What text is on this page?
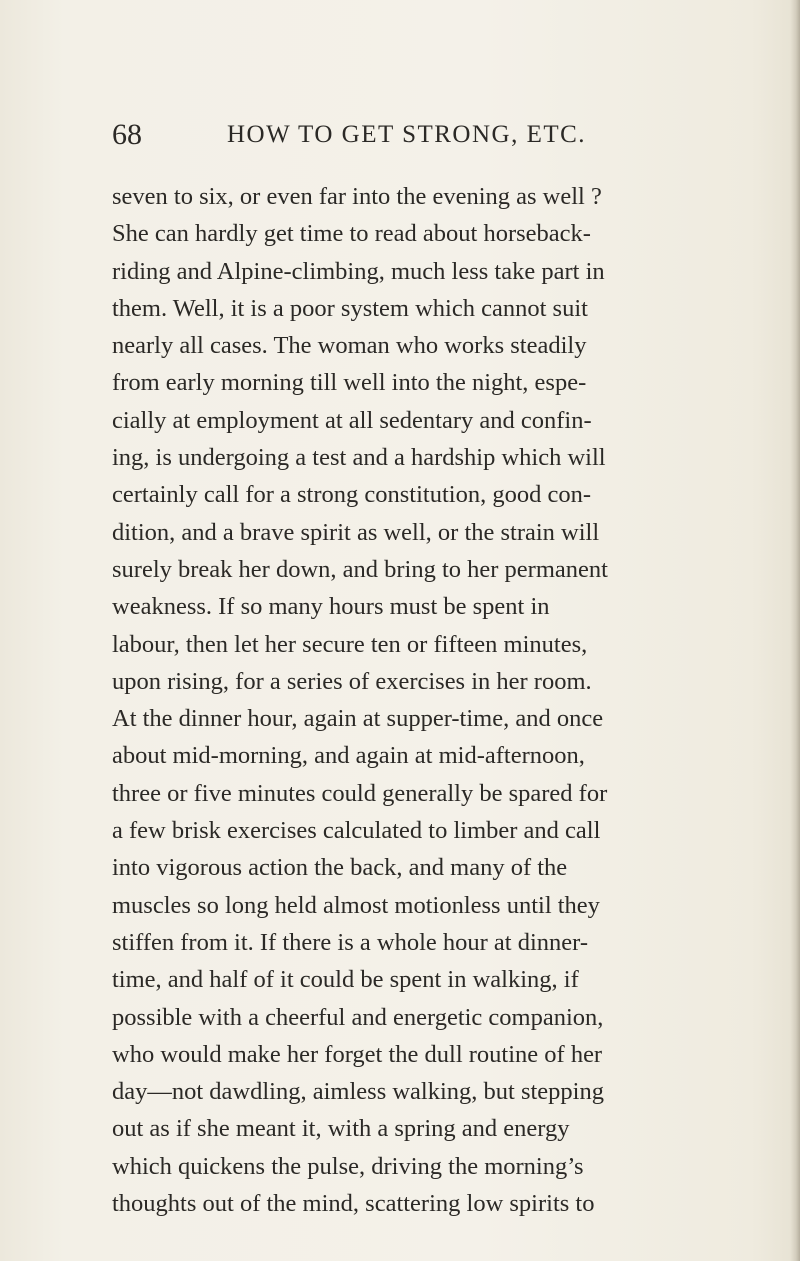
68	HOW TO GET STRONG, ETC.
seven to six, or even far into the evening as well ?
She can hardly get time to read about horseback-
riding and Alpine-climbing, much less take part in
them. Well, it is a poor system which cannot suit
nearly all cases. The woman who works steadily
from early morning till well into the night, espe-
cially at employment at all sedentary and confin-
ing, is undergoing a test and a hardship which will
certainly call for a strong constitution, good con-
dition, and a brave spirit as well, or the strain will
surely break her down, and bring to her permanent
weakness. If so many hours must be spent in
labour, then let her secure ten or fifteen minutes,
upon rising, for a series of exercises in her room.
At the dinner hour, again at supper-time, and once
about mid-morning, and again at mid-afternoon,
three or five minutes could generally be spared for
a few brisk exercises calculated to limber and call
into vigorous action the back, and many of the
muscles so long held almost motionless until they
stiffen from it. If there is a whole hour at dinner-
time, and half of it could be spent in walking, if
possible with a cheerful and energetic companion,
who would make her forget the dull routine of her
day—not dawdling, aimless walking, but stepping
out as if she meant it, with a spring and energy
which quickens the pulse, driving the morning’s
thoughts out of the mind, scattering low spirits to
